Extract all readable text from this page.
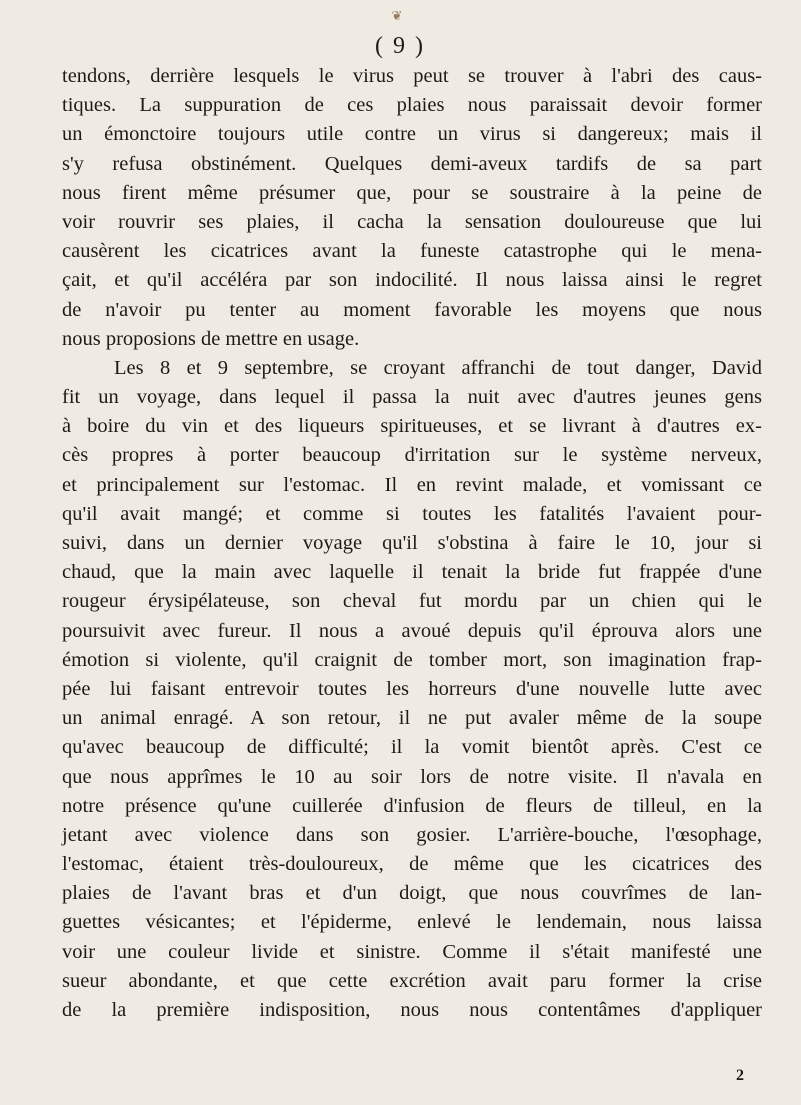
❦
( 9 )
tendons, derrière lesquels le virus peut se trouver à l'abri des caus-
tiques. La suppuration de ces plaies nous paraissait devoir former
un émonctoire toujours utile contre un virus si dangereux; mais il
s'y refusa obstinément. Quelques demi-aveux tardifs de sa part
nous firent même présumer que, pour se soustraire à la peine de
voir rouvrir ses plaies, il cacha la sensation douloureuse que lui
causèrent les cicatrices avant la funeste catastrophe qui le mena-
çait, et qu'il accéléra par son indocilité. Il nous laissa ainsi le regret
de n'avoir pu tenter au moment favorable les moyens que nous
nous proposions de mettre en usage.
Les 8 et 9 septembre, se croyant affranchi de tout danger, David
fit un voyage, dans lequel il passa la nuit avec d'autres jeunes gens
à boire du vin et des liqueurs spiritueuses, et se livrant à d'autres ex-
cès propres à porter beaucoup d'irritation sur le système nerveux,
et principalement sur l'estomac. Il en revint malade, et vomissant ce
qu'il avait mangé; et comme si toutes les fatalités l'avaient pour-
suivi, dans un dernier voyage qu'il s'obstina à faire le 10, jour si
chaud, que la main avec laquelle il tenait la bride fut frappée d'une
rougeur érysipélateuse, son cheval fut mordu par un chien qui le
poursuivit avec fureur. Il nous a avoué depuis qu'il éprouva alors une
émotion si violente, qu'il craignit de tomber mort, son imagination frap-
pée lui faisant entrevoir toutes les horreurs d'une nouvelle lutte avec
un animal enragé. A son retour, il ne put avaler même de la soupe
qu'avec beaucoup de difficulté; il la vomit bientôt après. C'est ce
que nous apprîmes le 10 au soir lors de notre visite. Il n'avala en
notre présence qu'une cuillerée d'infusion de fleurs de tilleul, en la
jetant avec violence dans son gosier. L'arrière-bouche, l'œsophage,
l'estomac, étaient très-douloureux, de même que les cicatrices des
plaies de l'avant bras et d'un doigt, que nous couvrîmes de lan-
guettes vésicantes; et l'épiderme, enlevé le lendemain, nous laissa
voir une couleur livide et sinistre. Comme il s'était manifesté une
sueur abondante, et que cette excrétion avait paru former la crise
de la première indisposition, nous nous contentâmes d'appliquer
2
